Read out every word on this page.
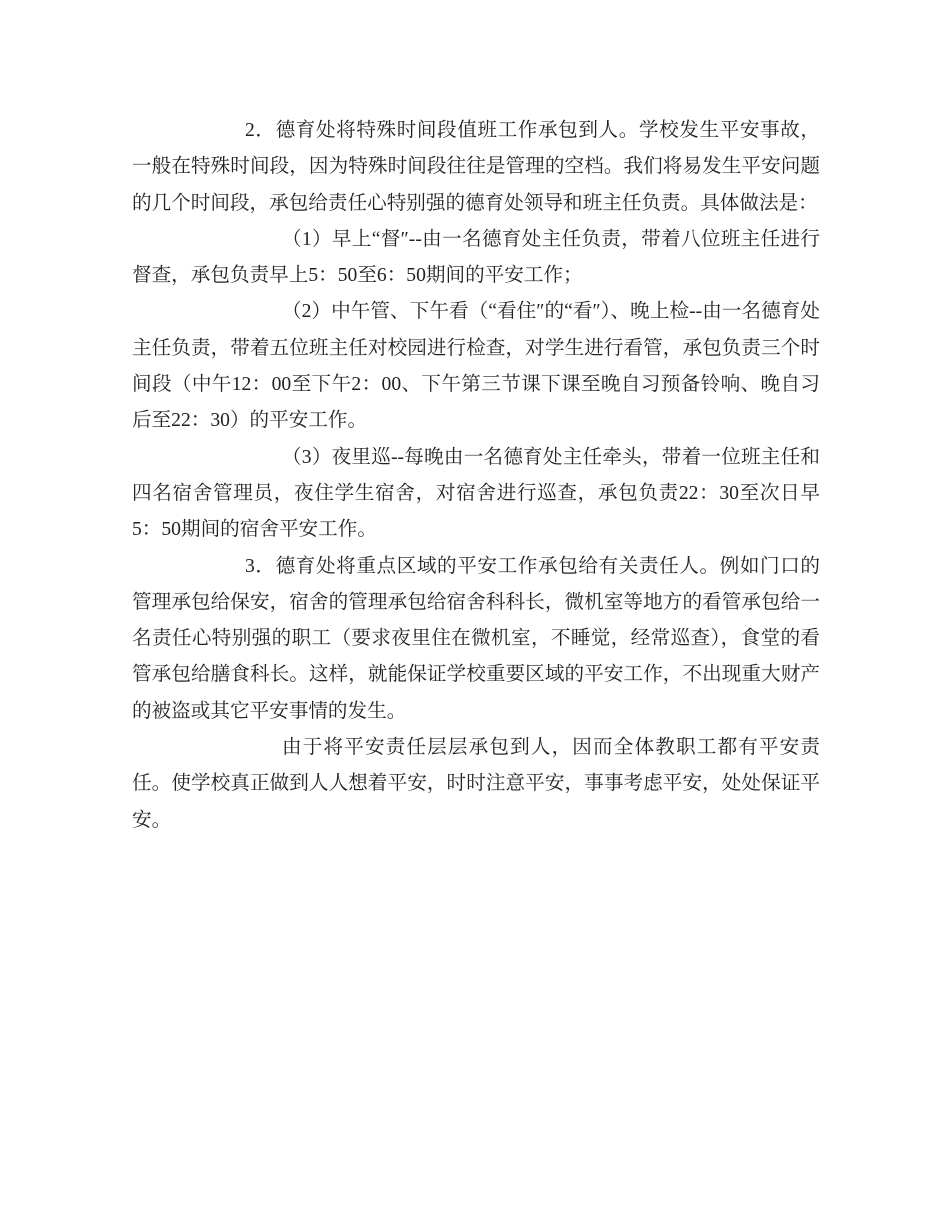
2．德育处将特殊时间段值班工作承包到人。学校发生平安事故，一般在特殊时间段，因为特殊时间段往往是管理的空档。我们将易发生平安问题的几个时间段，承包给责任心特别强的德育处领导和班主任负责。具体做法是：

（1）早上“督″--由一名德育处主任负责，带着八位班主任进行督查，承包负责早上5：50至6：50期间的平安工作；

（2）中午管、下午看（“看住″的“看″）、晚上检--由一名德育处主任负责，带着五位班主任对校园进行检查，对学生进行看管，承包负责三个时间段（中午12：00至下午2：00、下午第三节课下课至晚自习预备铃响、晚自习后至22：30）的平安工作。

（3）夜里巡--每晚由一名德育处主任牵头，带着一位班主任和四名宿舍管理员，夜住学生宿舍，对宿舍进行巡查，承包负责22：30至次日早5：50期间的宿舍平安工作。

3．德育处将重点区域的平安工作承包给有关责任人。例如门口的管理承包给保安，宿舍的管理承包给宿舍科科长，微机室等地方的看管承包给一名责任心特别强的职工（要求夜里住在微机室，不睡觉，经常巡查），食堂的看管承包给膳食科长。这样，就能保证学校重要区域的平安工作，不出现重大财产的被盗或其它平安事情的发生。

由于将平安责任层层承包到人，因而全体教职工都有平安责任。使学校真正做到人人想着平安，时时注意平安，事事考虑平安，处处保证平安。
